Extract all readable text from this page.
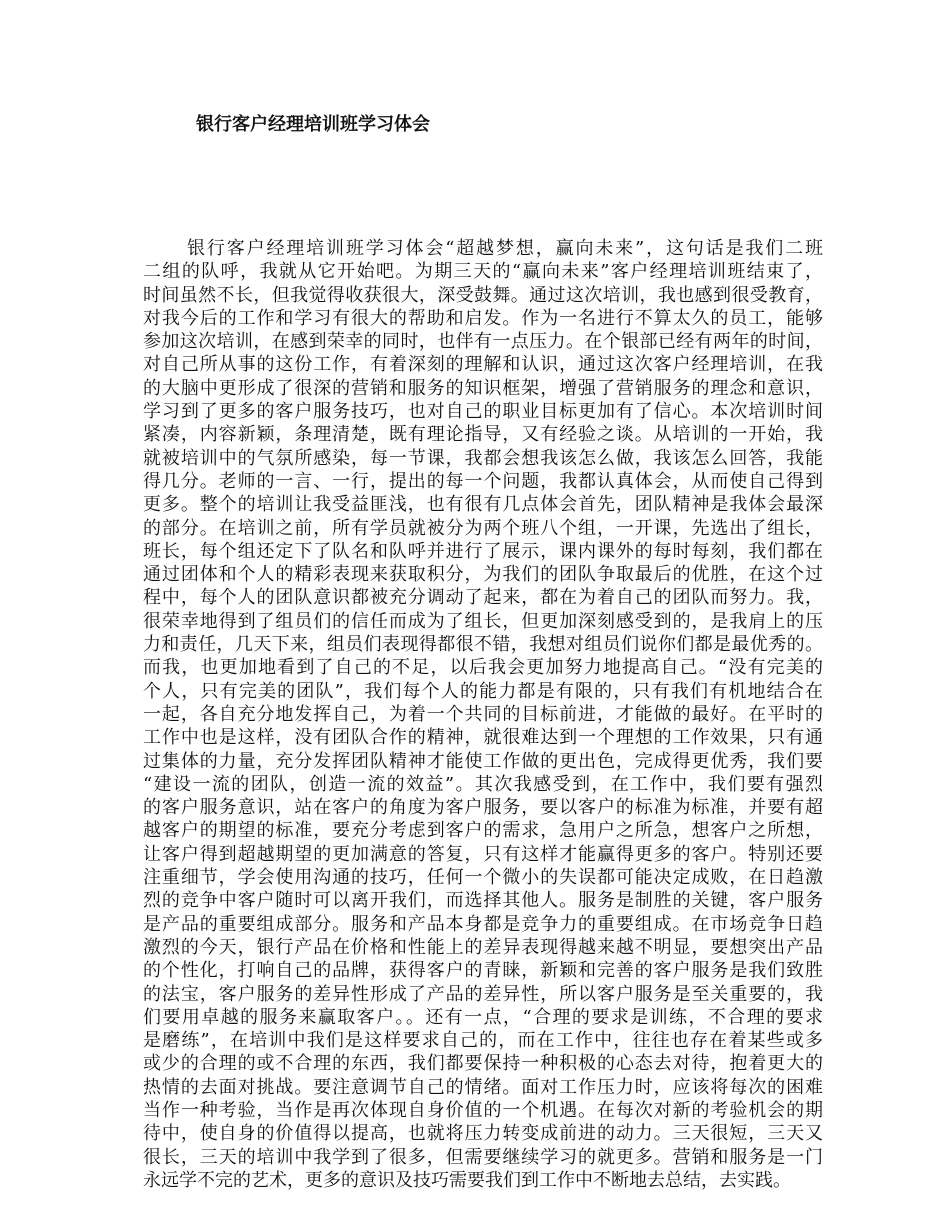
银行客户经理培训班学习体会
银行客户经理培训班学习体会“超越梦想，赢向未来”，这句话是我们二班
二组的队呼，我就从它开始吧。为期三天的“赢向未来”客户经理培训班结束了，
时间虽然不长，但我觉得收获很大，深受鼓舞。通过这次培训，我也感到很受教育，
对我今后的工作和学习有很大的帮助和启发。作为一名进行不算太久的员工，能够
参加这次培训，在感到荣幸的同时，也伴有一点压力。在个银部已经有两年的时间，
对自己所从事的这份工作，有着深刻的理解和认识，通过这次客户经理培训，在我
的大脑中更形成了很深的营销和服务的知识框架，增强了营销服务的理念和意识，
学习到了更多的客户服务技巧，也对自己的职业目标更加有了信心。本次培训时间
紧凑，内容新颖，条理清楚，既有理论指导，又有经验之谈。从培训的一开始，我
就被培训中的气氛所感染，每一节课，我都会想我该怎么做，我该怎么回答，我能
得几分。老师的一言、一行，提出的每一个问题，我都认真体会，从而使自己得到
更多。整个的培训让我受益匪浅，也有很有几点体会首先，团队精神是我体会最深
的部分。在培训之前，所有学员就被分为两个班八个组，一开课，先选出了组长，
班长，每个组还定下了队名和队呼并进行了展示，课内课外的每时每刻，我们都在
通过团体和个人的精彩表现来获取积分，为我们的团队争取最后的优胜，在这个过
程中，每个人的团队意识都被充分调动了起来，都在为着自己的团队而努力。我，
很荣幸地得到了组员们的信任而成为了组长，但更加深刻感受到的，是我肩上的压
力和责任，几天下来，组员们表现得都很不错，我想对组员们说你们都是最优秀的。
而我，也更加地看到了自己的不足，以后我会更加努力地提高自己。“没有完美的
个人，只有完美的团队”，我们每个人的能力都是有限的，只有我们有机地结合在
一起，各自充分地发挥自己，为着一个共同的目标前进，才能做的最好。在平时的
工作中也是这样，没有团队合作的精神，就很难达到一个理想的工作效果，只有通
过集体的力量，充分发挥团队精神才能使工作做的更出色，完成得更优秀，我们要
“建设一流的团队，创造一流的效益”。其次我感受到，在工作中，我们要有强烈
的客户服务意识，站在客户的角度为客户服务，要以客户的标准为标准，并要有超
越客户的期望的标准，要充分考虑到客户的需求，急用户之所急，想客户之所想，
让客户得到超越期望的更加满意的答复，只有这样才能赢得更多的客户。特别还要
注重细节，学会使用沟通的技巧，任何一个微小的失误都可能决定成败，在日趋激
烈的竞争中客户随时可以离开我们，而选择其他人。服务是制胜的关键，客户服务
是产品的重要组成部分。服务和产品本身都是竞争力的重要组成。在市场竞争日趋
激烈的今天，银行产品在价格和性能上的差异表现得越来越不明显，要想突出产品
的个性化，打响自己的品牌，获得客户的青睐，新颖和完善的客户服务是我们致胜
的法宝，客户服务的差异性形成了产品的差异性，所以客户服务是至关重要的，我
们要用卓越的服务来赢取客户。。还有一点，“合理的要求是训练，不合理的要求
是磨练”，在培训中我们是这样要求自己的，而在工作中，往往也存在着某些或多
或少的合理的或不合理的东西，我们都要保持一种积极的心态去对待，抱着更大的
热情的去面对挑战。要注意调节自己的情绪。面对工作压力时，应该将每次的困难
当作一种考验，当作是再次体现自身价值的一个机遇。在每次对新的考验机会的期
待中，使自身的价值得以提高，也就将压力转变成前进的动力。三天很短，三天又
很长，三天的培训中我学到了很多，但需要继续学习的就更多。营销和服务是一门
永远学不完的艺术，更多的意识及技巧需要我们到工作中不断地去总结，去实践。
